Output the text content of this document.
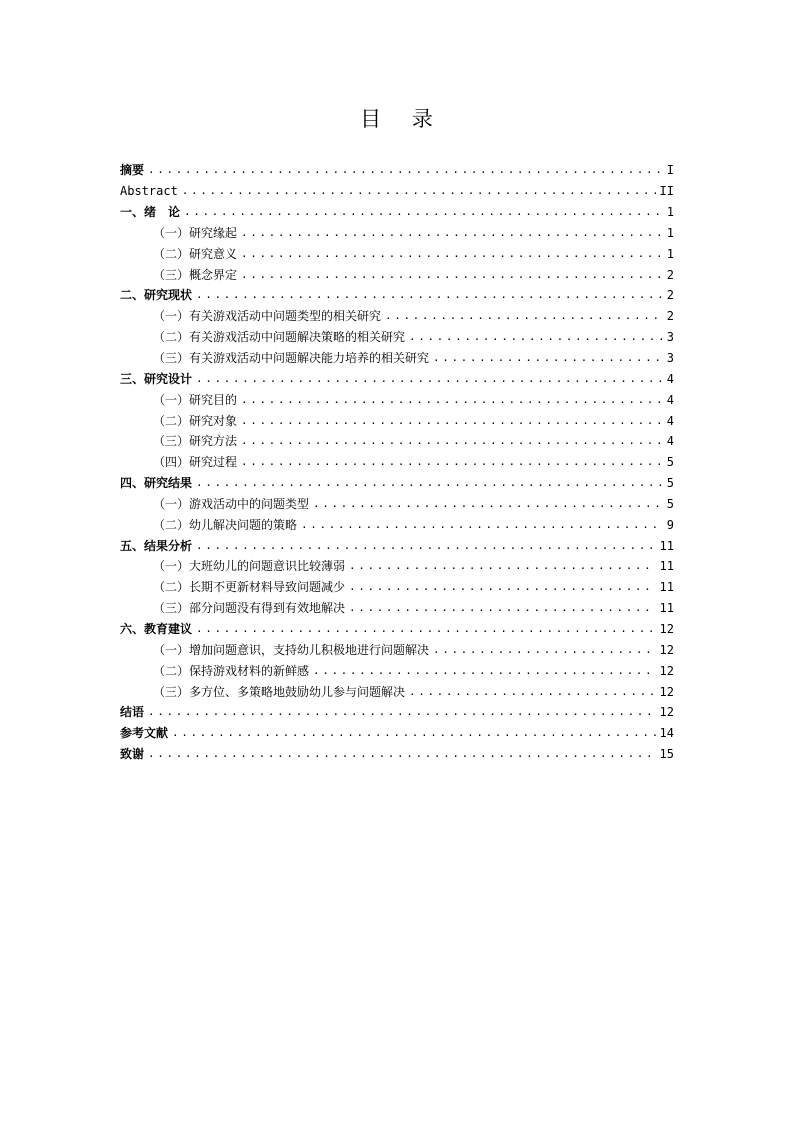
目 录
摘要 .....	I
Abstract .....	II
一、绪　论 .....	1
（一）研究缘起 .....	1
（二）研究意义 .....	1
（三）概念界定 .....	2
二、研究现状 .....	2
（一）有关游戏活动中问题类型的相关研究 .....	2
（二）有关游戏活动中问题解决策略的相关研究 .....	3
（三）有关游戏活动中问题解决能力培养的相关研究 .....	3
三、研究设计 .....	4
（一）研究目的 .....	4
（二）研究对象 .....	4
（三）研究方法 .....	4
（四）研究过程 .....	5
四、研究结果 .....	5
（一）游戏活动中的问题类型 .....	5
（二）幼儿解决问题的策略 .....	9
五、结果分析 .....	11
（一）大班幼儿的问题意识比较薄弱 .....	11
（二）长期不更新材料导致问题减少 .....	11
（三）部分问题没有得到有效地解决 .....	11
六、教育建议 .....	12
（一）增加问题意识，支持幼儿积极地进行问题解决 .....	12
（二）保持游戏材料的新鲜感 .....	12
（三）多方位、多策略地鼓励幼儿参与问题解决 .....	12
结语 .....	12
参考文献 .....	14
致谢 .....	15
